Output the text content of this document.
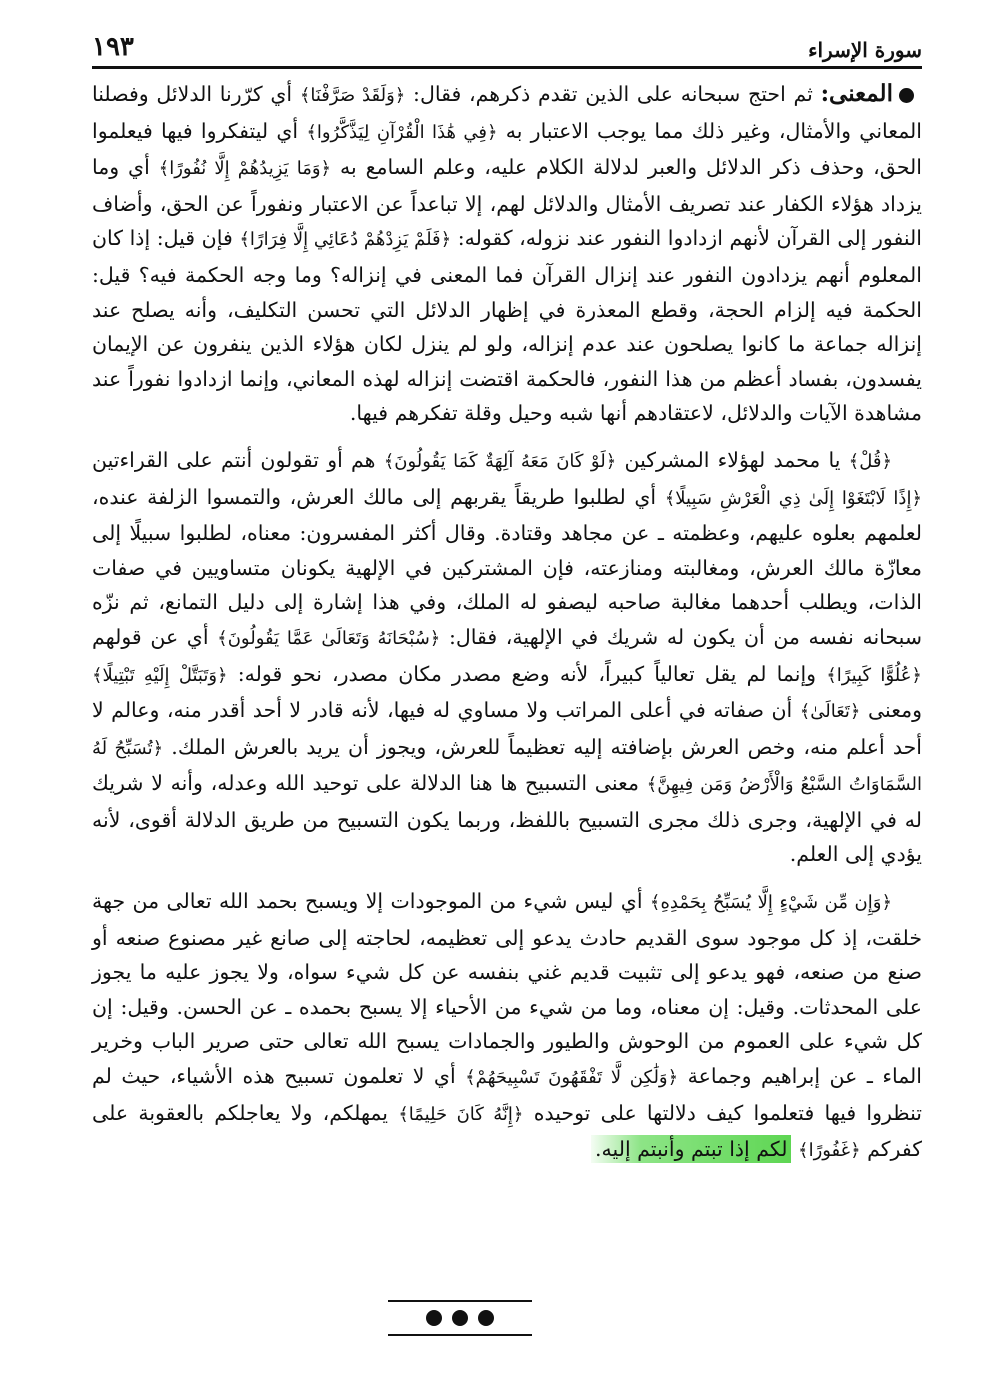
سورة الإسراء
١٩٣

المعنى: ثم احتج سبحانه على الذين تقدم ذكرهم، فقال: ﴿وَلَقَدْ صَرَّفْنَا﴾ أي كرّرنا الدلائل وفصلنا المعاني والأمثال، وغير ذلك مما يوجب الاعتبار به ﴿فِي هَٰذَا الْقُرْآنِ لِيَذَّكَّرُوا﴾ أي ليتفكروا فيها فيعلموا الحق، وحذف ذكر الدلائل والعبر لدلالة الكلام عليه، وعلم السامع به ﴿وَمَا يَزِيدُهُمْ إِلَّا نُفُورًا﴾ أي وما يزداد هؤلاء الكفار عند تصريف الأمثال والدلائل لهم، إلا تباعداً عن الاعتبار ونفوراً عن الحق، وأضاف النفور إلى القرآن لأنهم ازدادوا النفور عند نزوله، كقوله: ﴿فَلَمْ يَزِدْهُمْ دُعَائِي إِلَّا فِرَارًا﴾ فإن قيل: إذا كان المعلوم أنهم يزدادون النفور عند إنزال القرآن فما المعنى في إنزاله؟ وما وجه الحكمة فيه؟ قيل: الحكمة فيه إلزام الحجة، وقطع المعذرة في إظهار الدلائل التي تحسن التكليف، وأنه يصلح عند إنزاله جماعة ما كانوا يصلحون عند عدم إنزاله، ولو لم ينزل لكان هؤلاء الذين ينفرون عن الإيمان يفسدون، بفساد أعظم من هذا النفور، فالحكمة اقتضت إنزاله لهذه المعاني، وإنما ازدادوا نفوراً عند مشاهدة الآيات والدلائل، لاعتقادهم أنها شبه وحيل وقلة تفكرهم فيها.

﴿قُلْ﴾ يا محمد لهؤلاء المشركين ﴿لَوْ كَانَ مَعَهُ آلِهَةٌ كَمَا يَقُولُونَ﴾ هم أو تقولون أنتم على القراءتين ﴿إِذًا لَابْتَغَوْا إِلَىٰ ذِي الْعَرْشِ سَبِيلًا﴾ أي لطلبوا طريقاً يقربهم إلى مالك العرش، والتمسوا الزلفة عنده، لعلمهم بعلوه عليهم، وعظمته ـ عن مجاهد وقتادة. وقال أكثر المفسرون: معناه، لطلبوا سبيلًا إلى معازّة مالك العرش، ومغالبته ومنازعته، فإن المشتركين في الإلهية يكونان متساويين في صفات الذات، ويطلب أحدهما مغالبة صاحبه ليصفو له الملك، وفي هذا إشارة إلى دليل التمانع، ثم نزّه سبحانه نفسه من أن يكون له شريك في الإلهية، فقال: ﴿سُبْحَانَهُ وَتَعَالَىٰ عَمَّا يَقُولُونَ﴾ أي عن قولهم ﴿عُلُوًّا كَبِيرًا﴾ وإنما لم يقل تعالياً كبيراً، لأنه وضع مصدر مكان مصدر، نحو قوله: ﴿وَتَبَتَّلْ إِلَيْهِ تَبْتِيلًا﴾ ومعنى ﴿تَعَالَىٰ﴾ أن صفاته في أعلى المراتب ولا مساوي له فيها، لأنه قادر لا أحد أقدر منه، وعالم لا أحد أعلم منه، وخص العرش بإضافته إليه تعظيماً للعرش، ويجوز أن يريد بالعرش الملك. ﴿تُسَبِّحُ لَهُ السَّمَاوَاتُ السَّبْعُ وَالْأَرْضُ وَمَن فِيهِنَّ﴾ معنى التسبيح ها هنا الدلالة على توحيد الله وعدله، وأنه لا شريك له في الإلهية، وجرى ذلك مجرى التسبيح باللفظ، وربما يكون التسبيح من طريق الدلالة أقوى، لأنه يؤدي إلى العلم.

﴿وَإِن مِّن شَيْءٍ إِلَّا يُسَبِّحُ بِحَمْدِهِ﴾ أي ليس شيء من الموجودات إلا ويسبح بحمد الله تعالى من جهة خلقت، إذ كل موجود سوى القديم حادث يدعو إلى تعظيمه، لحاجته إلى صانع غير مصنوع صنعه أو صنع من صنعه، فهو يدعو إلى تثبيت قديم غني بنفسه عن كل شيء سواه، ولا يجوز عليه ما يجوز على المحدثات. وقيل: إن معناه، وما من شيء من الأحياء إلا يسبح بحمده ـ عن الحسن. وقيل: إن كل شيء على العموم من الوحوش والطيور والجمادات يسبح الله تعالى حتى صرير الباب وخرير الماء ـ عن إبراهيم وجماعة ﴿وَلَٰكِن لَّا تَفْقَهُونَ تَسْبِيحَهُمْ﴾ أي لا تعلمون تسبيح هذه الأشياء، حيث لم تنظروا فيها فتعلموا كيف دلالتها على توحيده ﴿إِنَّهُ كَانَ حَلِيمًا﴾ يمهلكم، ولا يعاجلكم بالعقوبة على كفركم ﴿غَفُورًا﴾ لكم إذا تبتم وأنبتم إليه.
